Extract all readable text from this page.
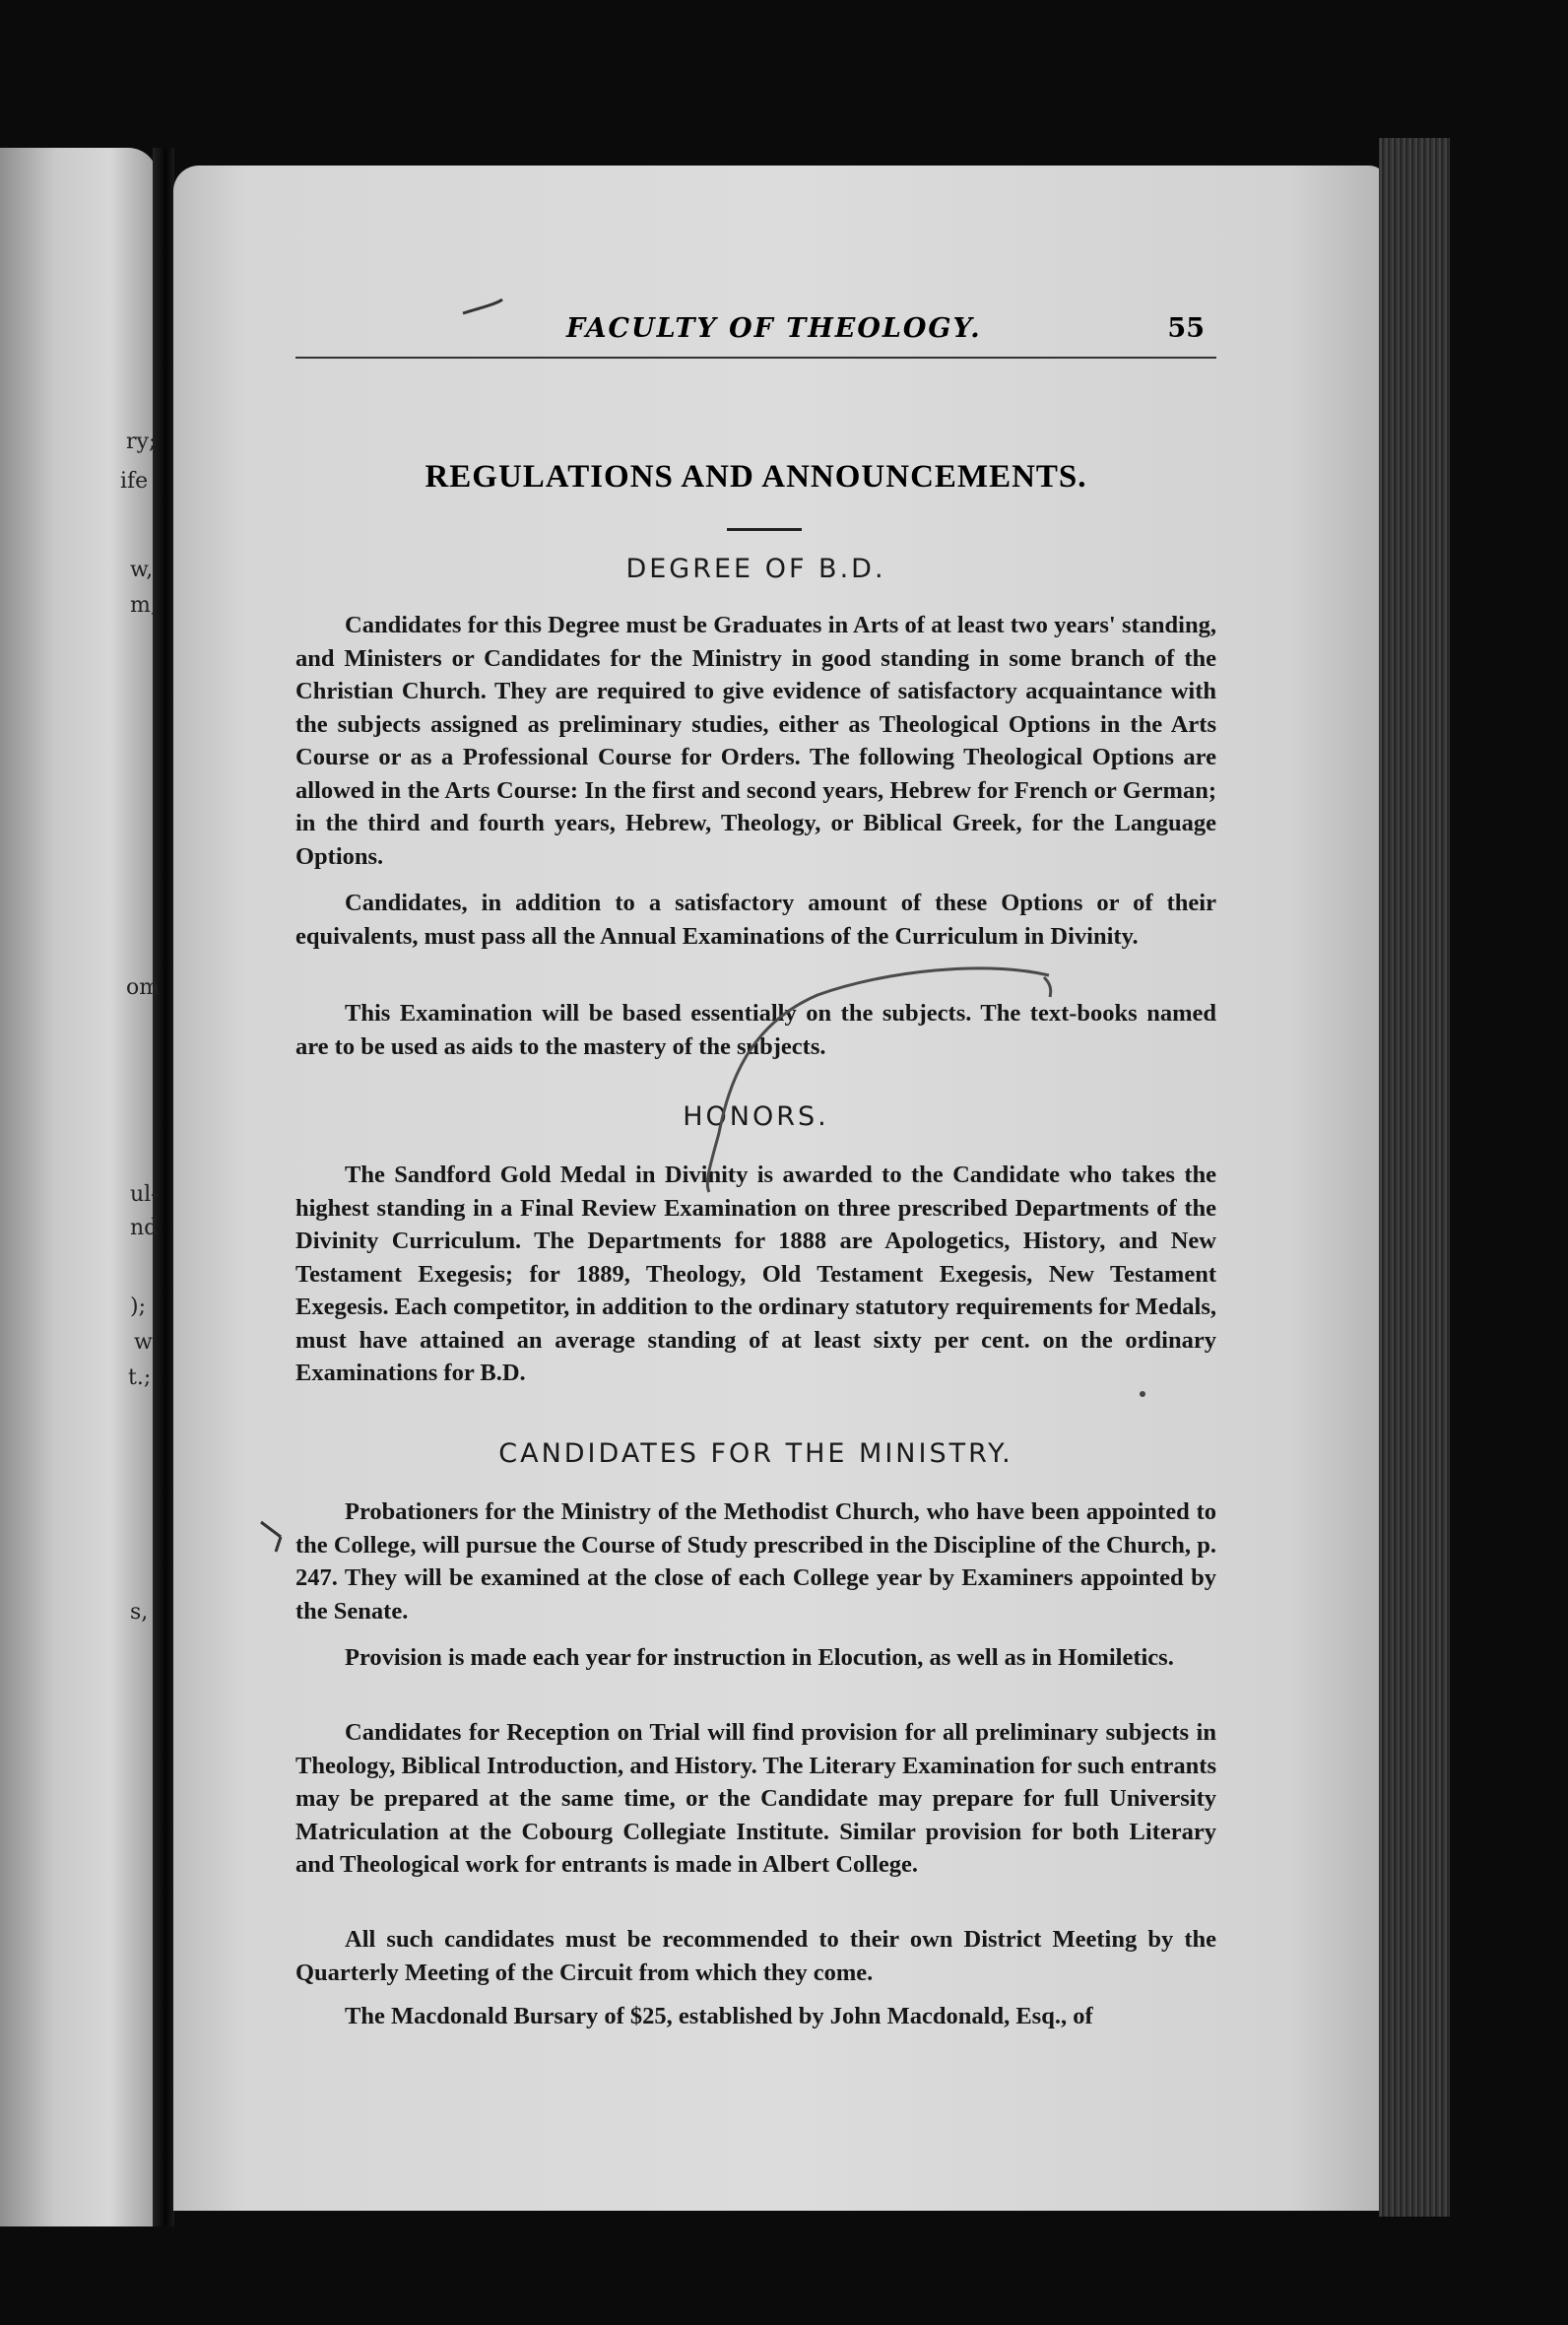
ry;
ife
w,
m;
om
ul-
nd
);
w
t.;
s,
FACULTY OF THEOLOGY.	55
REGULATIONS AND ANNOUNCEMENTS.
DEGREE OF B.D.
Candidates for this Degree must be Graduates in Arts of at least two years' standing, and Ministers or Candidates for the Ministry in good standing in some branch of the Christian Church. They are required to give evidence of satisfactory acquaintance with the subjects assigned as preliminary studies, either as Theological Options in the Arts Course or as a Professional Course for Orders. The following Theological Options are allowed in the Arts Course: In the first and second years, Hebrew for French or German; in the third and fourth years, Hebrew, Theology, or Biblical Greek, for the Language Options.
Candidates, in addition to a satisfactory amount of these Options or of their equivalents, must pass all the Annual Examinations of the Curriculum in Divinity.
This Examination will be based essentially on the subjects. The text-books named are to be used as aids to the mastery of the subjects.
HONORS.
The Sandford Gold Medal in Divinity is awarded to the Candidate who takes the highest standing in a Final Review Examination on three prescribed Departments of the Divinity Curriculum. The Departments for 1888 are Apologetics, History, and New Testament Exegesis; for 1889, Theology, Old Testament Exegesis, New Testament Exegesis. Each competitor, in addition to the ordinary statutory requirements for Medals, must have attained an average standing of at least sixty per cent. on the ordinary Examinations for B.D.
CANDIDATES FOR THE MINISTRY.
Probationers for the Ministry of the Methodist Church, who have been appointed to the College, will pursue the Course of Study prescribed in the Discipline of the Church, p. 247. They will be examined at the close of each College year by Examiners appointed by the Senate.
Provision is made each year for instruction in Elocution, as well as in Homiletics.
Candidates for Reception on Trial will find provision for all preliminary subjects in Theology, Biblical Introduction, and History. The Literary Examination for such entrants may be prepared at the same time, or the Candidate may prepare for full University Matriculation at the Cobourg Collegiate Institute. Similar provision for both Literary and Theological work for entrants is made in Albert College.
All such candidates must be recommended to their own District Meeting by the Quarterly Meeting of the Circuit from which they come.
The Macdonald Bursary of $25, established by John Macdonald, Esq., of
